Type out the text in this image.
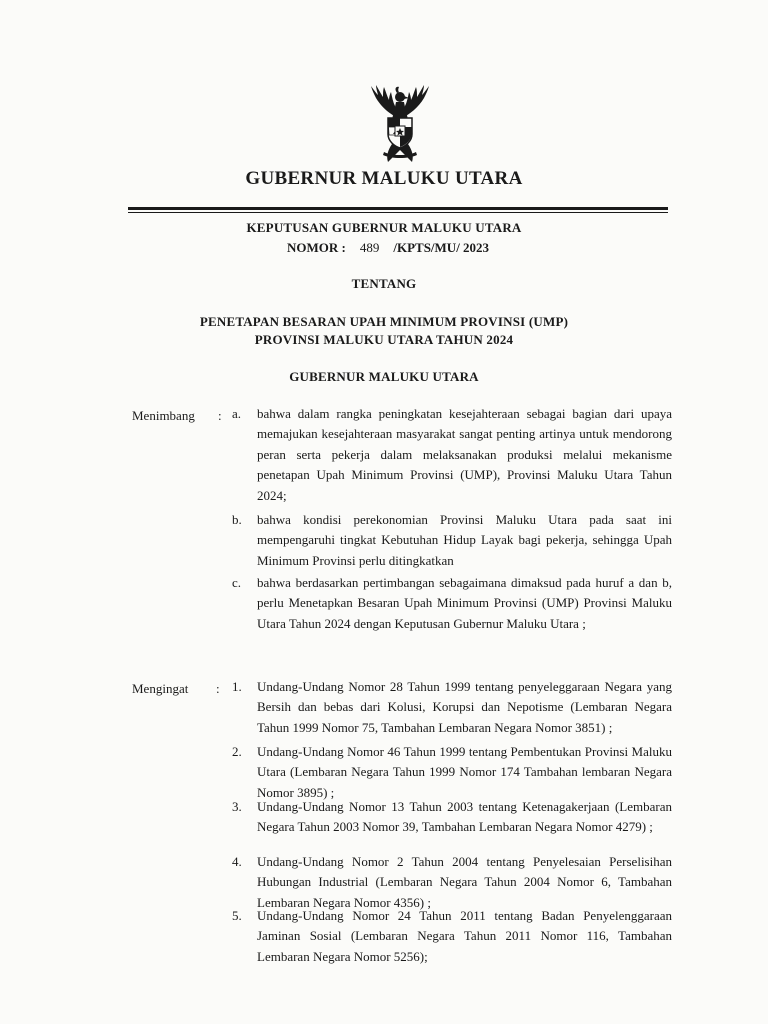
GUBERNUR MALUKU UTARA
KEPUTUSAN GUBERNUR MALUKU UTARA
NOMOR : 489 /KPTS/MU/ 2023
TENTANG
PENETAPAN BESARAN UPAH MINIMUM PROVINSI (UMP)
PROVINSI MALUKU UTARA TAHUN 2024
GUBERNUR MALUKU UTARA
Menimbang : a.	bahwa dalam rangka peningkatan kesejahteraan sebagai bagian dari upaya memajukan kesejahteraan masyarakat sangat penting artinya untuk mendorong peran serta pekerja dalam melaksanakan produksi melalui mekanisme penetapan Upah Minimum Provinsi (UMP), Provinsi Maluku Utara Tahun 2024;
b.	bahwa kondisi perekonomian Provinsi Maluku Utara pada saat ini mempengaruhi tingkat Kebutuhan Hidup Layak bagi pekerja, sehingga Upah Minimum Provinsi perlu ditingkatkan
c.	bahwa berdasarkan pertimbangan sebagaimana dimaksud pada huruf a dan b, perlu Menetapkan Besaran Upah Minimum Provinsi (UMP) Provinsi Maluku Utara Tahun 2024 dengan Keputusan Gubernur Maluku Utara ;
Mengingat : 1.	Undang-Undang Nomor 28 Tahun 1999 tentang penyeleggaraan Negara yang Bersih dan bebas dari Kolusi, Korupsi dan Nepotisme (Lembaran Negara Tahun 1999 Nomor 75, Tambahan Lembaran Negara Nomor 3851) ;
2.	Undang-Undang Nomor 46 Tahun 1999 tentang Pembentukan Provinsi Maluku Utara (Lembaran Negara Tahun 1999 Nomor 174 Tambahan lembaran Negara Nomor 3895) ;
3.	Undang-Undang Nomor 13 Tahun 2003 tentang Ketenagakerjaan (Lembaran Negara Tahun 2003 Nomor 39, Tambahan Lembaran Negara Nomor 4279) ;
4.	Undang-Undang Nomor 2 Tahun 2004 tentang Penyelesaian Perselisihan Hubungan Industrial (Lembaran Negara Tahun 2004 Nomor 6, Tambahan Lembaran Negara Nomor 4356) ;
5.	Undang-Undang Nomor 24 Tahun 2011 tentang Badan Penyelenggaraan Jaminan Sosial (Lembaran Negara Tahun 2011 Nomor 116, Tambahan Lembaran Negara Nomor 5256);
